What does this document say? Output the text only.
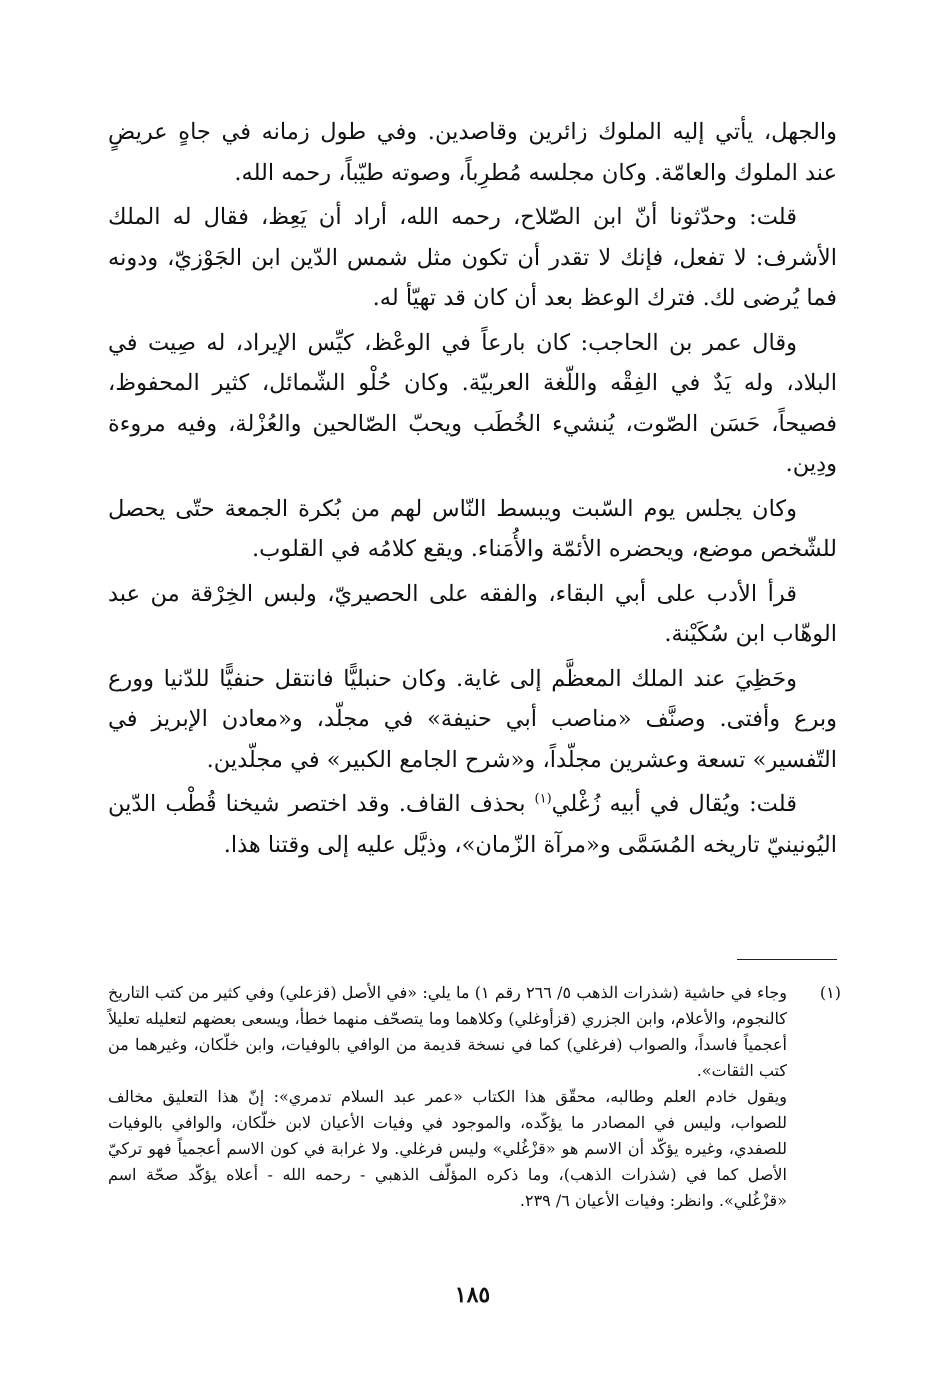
والجهل، يأتي إليه الملوك زائرين وقاصدين. وفي طول زمانه في جاهٍ عريضٍ عند الملوك والعامّة. وكان مجلسه مُطرِباً، وصوته طيّباً، رحمه الله.

قلت: وحدّثونا أنّ ابن الصّلاح، رحمه الله، أراد أن يَعِظ، فقال له الملك الأشرف: لا تفعل، فإنك لا تقدر أن تكون مثل شمس الدّين ابن الجَوْزيّ، ودونه فما يُرضى لك. فترك الوعظ بعد أن كان قد تهيّأ له.

وقال عمر بن الحاجب: كان بارعاً في الوعْظ، كيِّس الإيراد، له صِيت في البلاد، وله يَدٌ في الفِقْه واللّغة العربيّة. وكان حُلْو الشّمائل، كثير المحفوظ، فصيحاً، حَسَن الصّوت، يُنشيء الخُطَب ويحبّ الصّالحين والعُزْلة، وفيه مروءة ودِين.

وكان يجلس يوم السّبت ويبسط النّاس لهم من بُكرة الجمعة حتّى يحصل للشّخص موضع، ويحضره الأئمّة والأُمَناء. ويقع كلامُه في القلوب.

قرأ الأدب على أبي البقاء، والفقه على الحصيريّ، ولبس الخِرْقة من عبد الوهّاب ابن سُكَيْنة.

وحَظِيَ عند الملك المعظَّم إلى غاية. وكان حنبليًّا فانتقل حنفيًّا للدّنيا وورع وبرع وأفتى. وصنَّف «مناصب أبي حنيفة» في مجلّد، و«معادن الإبريز في التّفسير» تسعة وعشرين مجلّداً، و«شرح الجامع الكبير» في مجلّدين.

قلت: ويُقال في أبيه زُغْلي$^{(١)}$ بحذف القاف. وقد اختصر شيخنا قُطْب الدّين اليُونينيّ تاريخه المُسَمَّى و«مرآة الزّمان»، وذيَّل عليه إلى وقتنا هذا.

(١)

وجاء في حاشية (شذرات الذهب ٥/ ٢٦٦ رقم ١) ما يلي: «في الأصل (قزعلي) وفي كثير من كتب التاريخ كالنجوم، والأعلام، وابن الجزري (قزأوغلي) وكلاهما وما يتصحّف منهما خطأ، ويسعى بعضهم لتعليله تعليلاً أعجمياً فاسداً، والصواب (فرغلي) كما في نسخة قديمة من الوافي بالوفيات، وابن خلّكان، وغيرهما من كتب الثقات».

ويقول خادم العلم وطالبه، محقّق هذا الكتاب «عمر عبد السلام تدمري»: إنّ هذا التعليق مخالف للصواب، وليس في المصادر ما يؤكّده، والموجود في وفيات الأعيان لابن خلّكان، والوافي بالوفيات للصفدي، وغيره يؤكّد أن الاسم هو «قزْغُلي» وليس فرغلي. ولا غرابة في كون الاسم أعجمياً فهو تركيّ الأصل كما في (شذرات الذهب)، وما ذكره المؤلّف الذهبي - رحمه الله - أعلاه يؤكّد صحّة اسم «قزْغُلي». وانظر: وفيات الأعيان ٦/ ٢٣٩.

١٨٥
